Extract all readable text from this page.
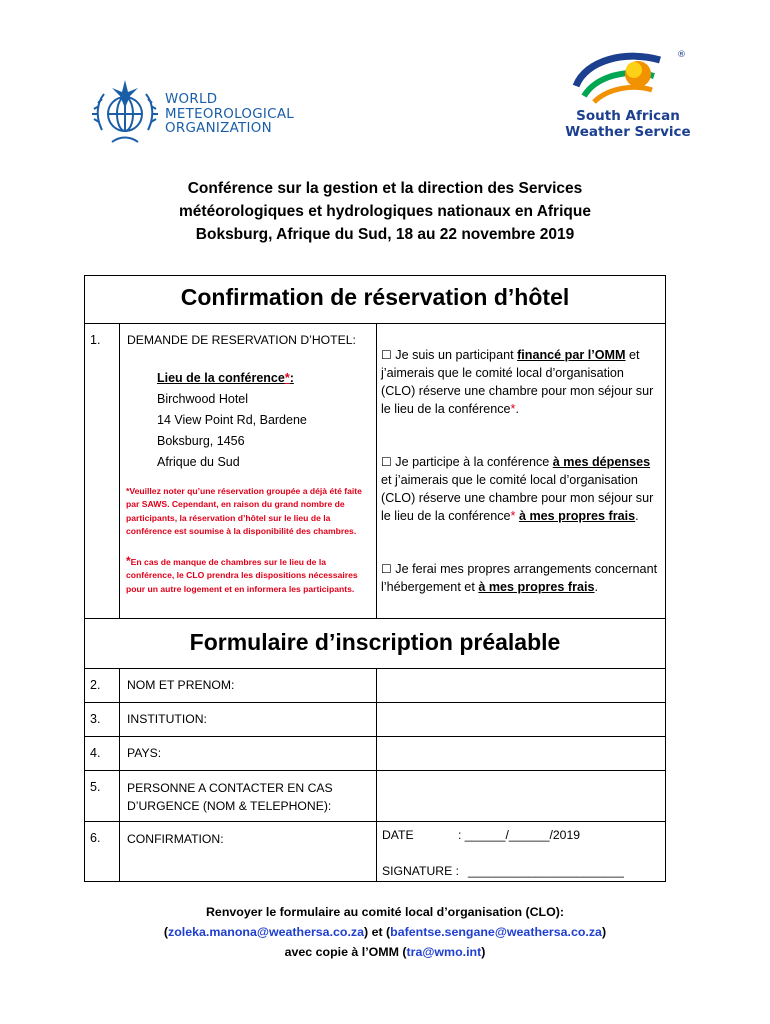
WORLD
METEOROLOGICAL
ORGANIZATION
®
South African
Weather Service
Conférence sur la gestion et la direction des Services
météorologiques et hydrologiques nationaux en Afrique
Boksburg, Afrique du Sud, 18 au 22 novembre 2019
Confirmation de réservation d’hôtel
1. DEMANDE DE RESERVATION D’HOTEL:
Lieu de la conférence*:
Birchwood Hotel
14 View Point Rd, Bardene
Boksburg, 1456
Afrique du Sud
*Veuillez noter qu’une réservation groupée a déjà été faite par SAWS. Cependant, en raison du grand nombre de participants, la réservation d’hôtel sur le lieu de la conférence est soumise à la disponibilité des chambres.
*En cas de manque de chambres sur le lieu de la conférence, le CLO prendra les dispositions nécessaires pour un autre logement et en informera les participants.
☐ Je suis un participant financé par l’OMM et j’aimerais que le comité local d’organisation (CLO) réserve une chambre pour mon séjour sur le lieu de la conférence*.
☐ Je participe à la conférence à mes dépenses et j’aimerais que le comité local d’organisation (CLO) réserve une chambre pour mon séjour sur le lieu de la conférence* à mes propres frais.
☐ Je ferai mes propres arrangements concernant l’hébergement et à mes propres frais.
Formulaire d’inscription préalable
2. NOM ET PRENOM:
3. INSTITUTION:
4. PAYS:
5. PERSONNE A CONTACTER EN CAS D’URGENCE (NOM & TELEPHONE):
6. CONFIRMATION:	DATE	: ______/______/2019
SIGNATURE : _______________________
Renvoyer le formulaire au comité local d’organisation (CLO):
(zoleka.manona@weathersa.co.za) et (bafentse.sengane@weathersa.co.za)
avec copie à l’OMM (tra@wmo.int)
